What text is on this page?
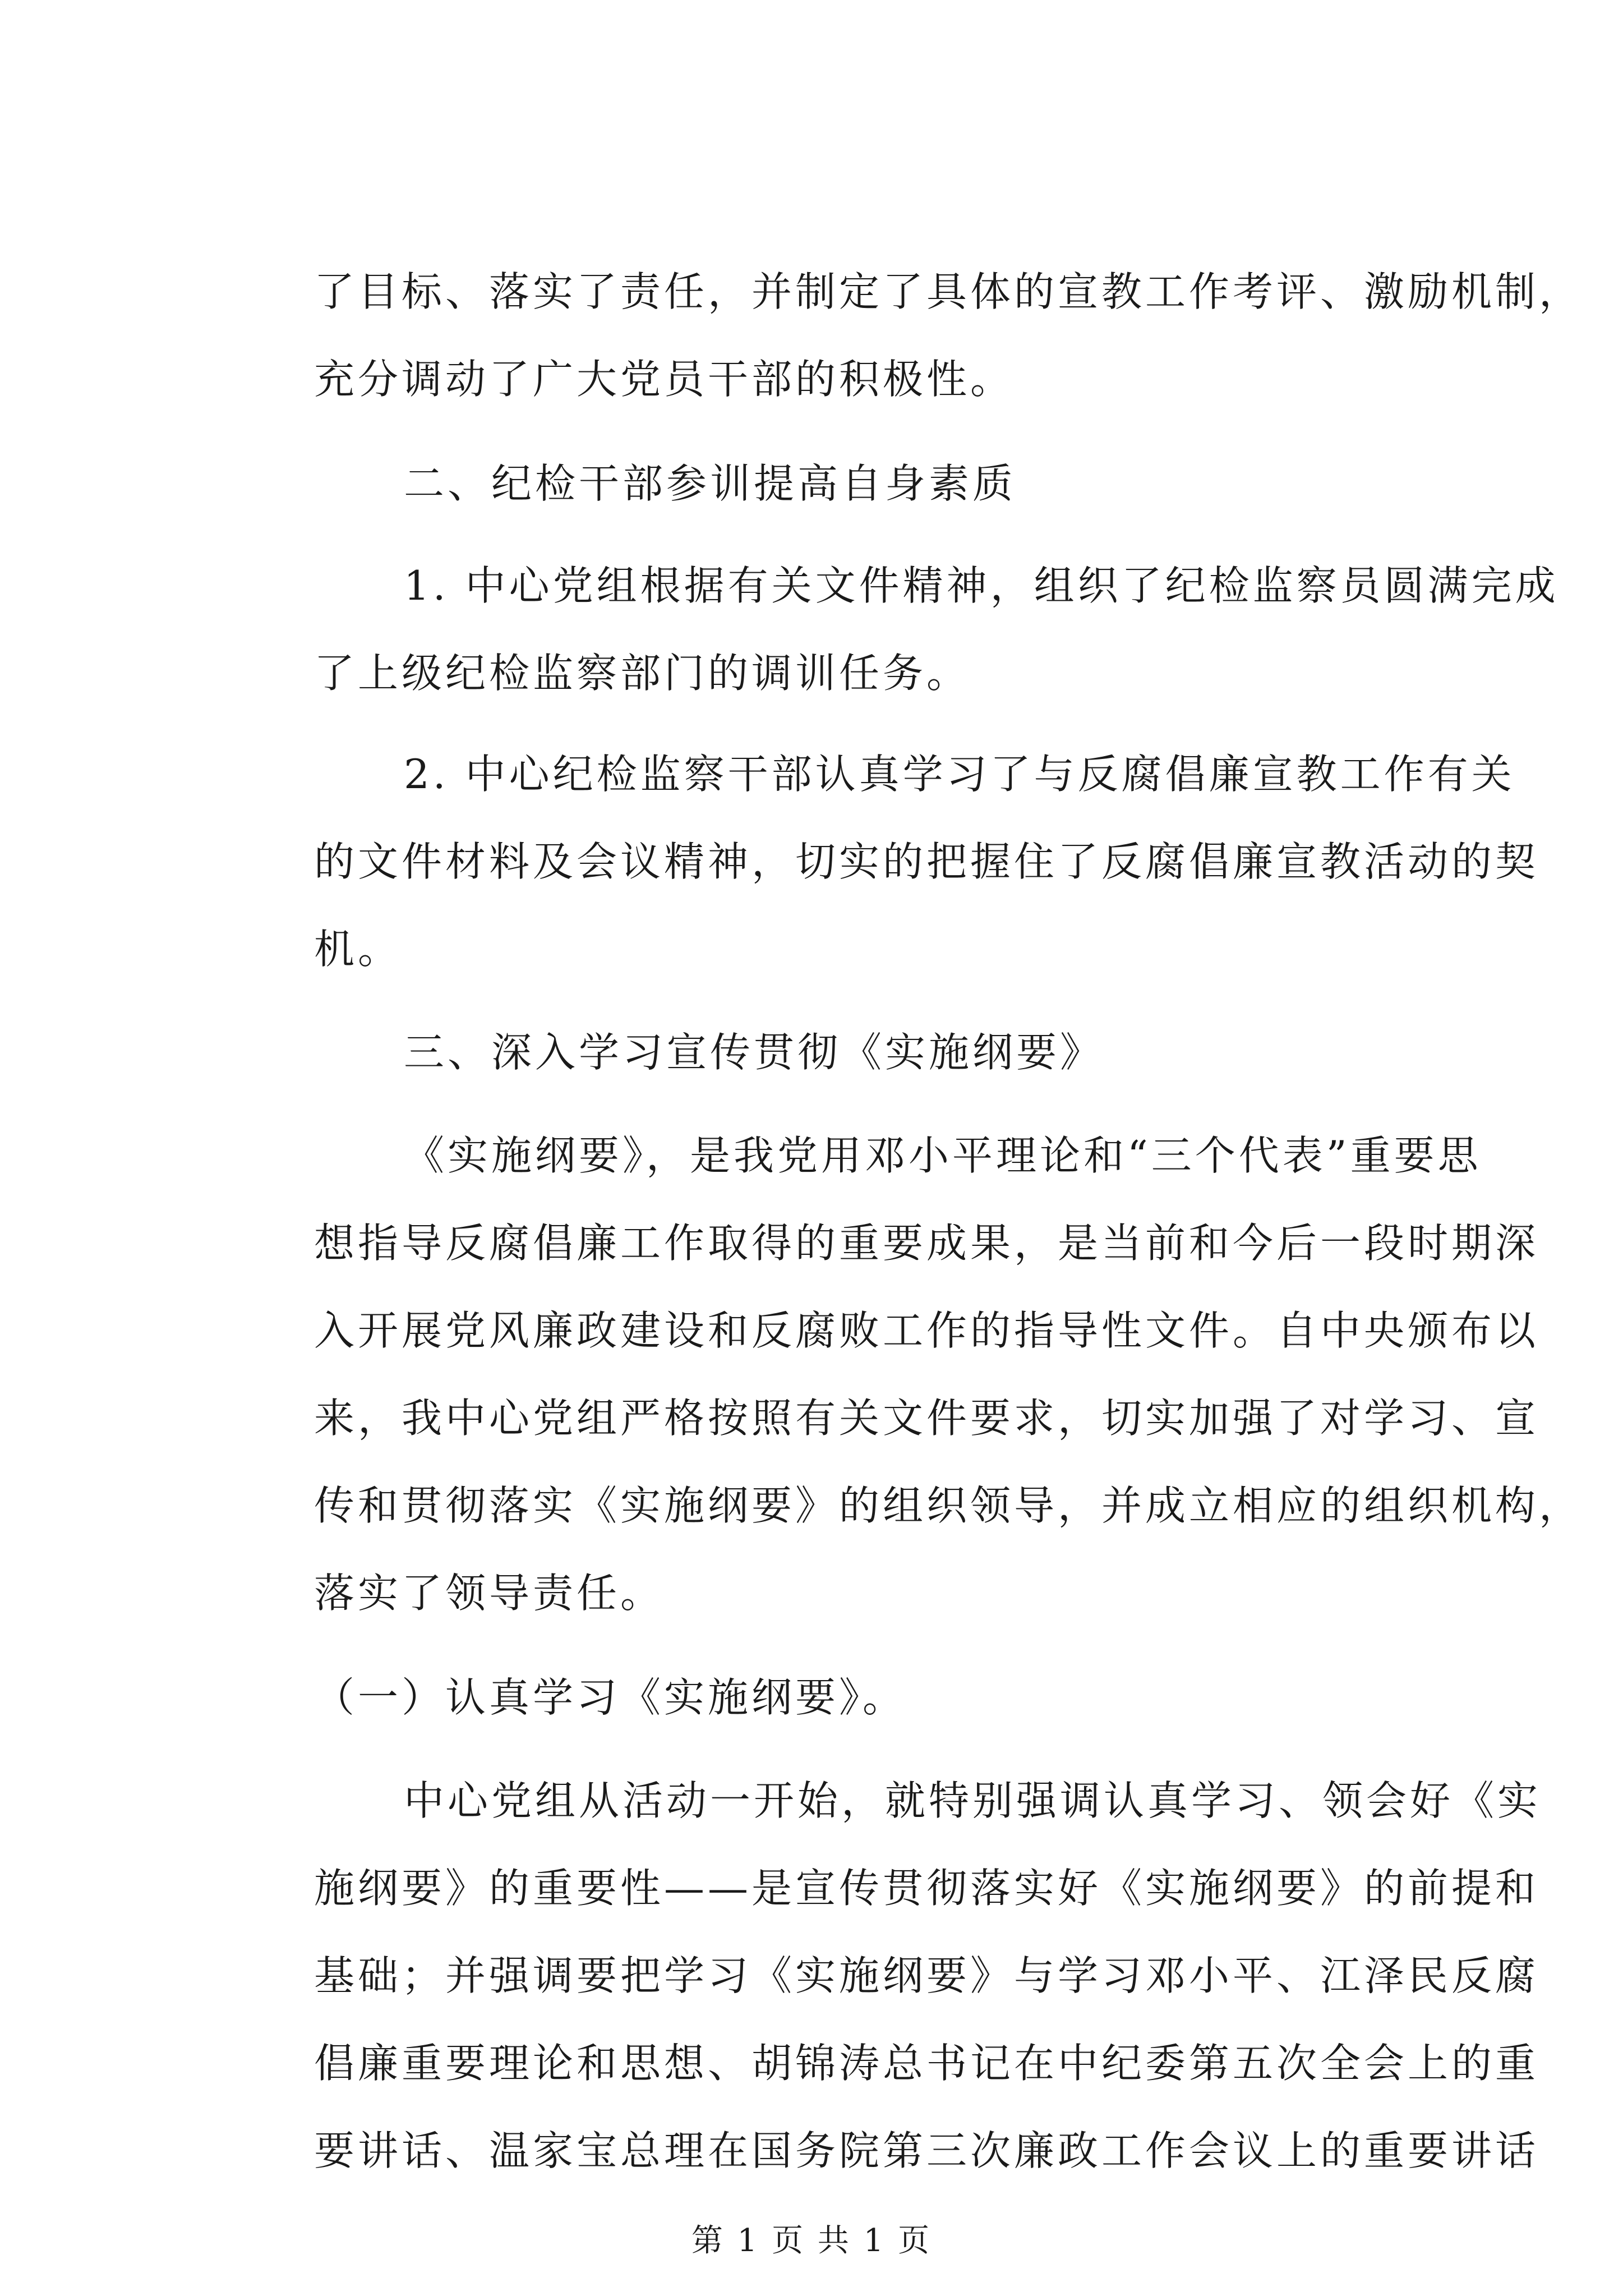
了目标、落实了责任，并制定了具体的宣教工作考评、激励机制，
充分调动了广大党员干部的积极性。
二、纪检干部参训提高自身素质
1. 中心党组根据有关文件精神，组织了纪检监察员圆满完成
了上级纪检监察部门的调训任务。
2. 中心纪检监察干部认真学习了与反腐倡廉宣教工作有关
的文件材料及会议精神，切实的把握住了反腐倡廉宣教活动的契
机。
三、深入学习宣传贯彻《实施纲要》
《实施纲要》，是我党用邓小平理论和“三个代表”重要思
想指导反腐倡廉工作取得的重要成果，是当前和今后一段时期深
入开展党风廉政建设和反腐败工作的指导性文件。自中央颁布以
来，我中心党组严格按照有关文件要求，切实加强了对学习、宣
传和贯彻落实《实施纲要》的组织领导，并成立相应的组织机构，
落实了领导责任。
（一）认真学习《实施纲要》。
中心党组从活动一开始，就特别强调认真学习、领会好《实
施纲要》的重要性——是宣传贯彻落实好《实施纲要》的前提和
基础；并强调要把学习《实施纲要》与学习邓小平、江泽民反腐
倡廉重要理论和思想、胡锦涛总书记在中纪委第五次全会上的重
要讲话、温家宝总理在国务院第三次廉政工作会议上的重要讲话
第 1 页 共 1 页
